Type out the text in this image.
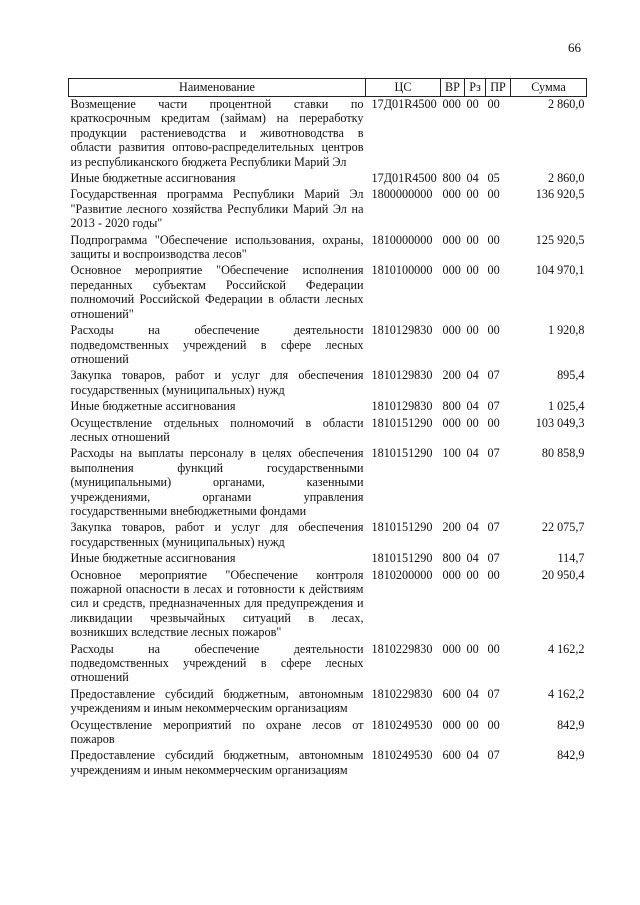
66
Наименование	ЦС	ВР	Рз	ПР	Сумма
Возмещение части процентной ставки по краткосрочным кредитам (займам) на переработку продукции растениеводства и животноводства в области развития оптово-распределительных центров из республиканского бюджета Республики Марий Эл	17Д01R4500	000	00	00	2 860,0
Иные бюджетные ассигнования	17Д01R4500	800	04	05	2 860,0
Государственная программа Республики Марий Эл "Развитие лесного хозяйства Республики Марий Эл на 2013 - 2020 годы"	1800000000	000	00	00	136 920,5
Подпрограмма "Обеспечение использования, охраны, защиты и воспроизводства лесов"	1810000000	000	00	00	125 920,5
Основное мероприятие "Обеспечение исполнения переданных субъектам Российской Федерации полномочий Российской Федерации в области лесных отношений"	1810100000	000	00	00	104 970,1
Расходы на обеспечение деятельности подведомственных учреждений в сфере лесных отношений	1810129830	000	00	00	1 920,8
Закупка товаров, работ и услуг для обеспечения государственных (муниципальных) нужд	1810129830	200	04	07	895,4
Иные бюджетные ассигнования	1810129830	800	04	07	1 025,4
Осуществление отдельных полномочий в области лесных отношений	1810151290	000	00	00	103 049,3
Расходы на выплаты персоналу в целях обеспечения выполнения функций государственными (муниципальными) органами, казенными учреждениями, органами управления государственными внебюджетными фондами	1810151290	100	04	07	80 858,9
Закупка товаров, работ и услуг для обеспечения государственных (муниципальных) нужд	1810151290	200	04	07	22 075,7
Иные бюджетные ассигнования	1810151290	800	04	07	114,7
Основное мероприятие "Обеспечение контроля пожарной опасности в лесах и готовности к действиям сил и средств, предназначенных для предупреждения и ликвидации чрезвычайных ситуаций в лесах, возникших вследствие лесных пожаров"	1810200000	000	00	00	20 950,4
Расходы на обеспечение деятельности подведомственных учреждений в сфере лесных отношений	1810229830	000	00	00	4 162,2
Предоставление субсидий бюджетным, автономным учреждениям и иным некоммерческим организациям	1810229830	600	04	07	4 162,2
Осуществление мероприятий по охране лесов от пожаров	1810249530	000	00	00	842,9
Предоставление субсидий бюджетным, автономным учреждениям и иным некоммерческим организациям	1810249530	600	04	07	842,9
